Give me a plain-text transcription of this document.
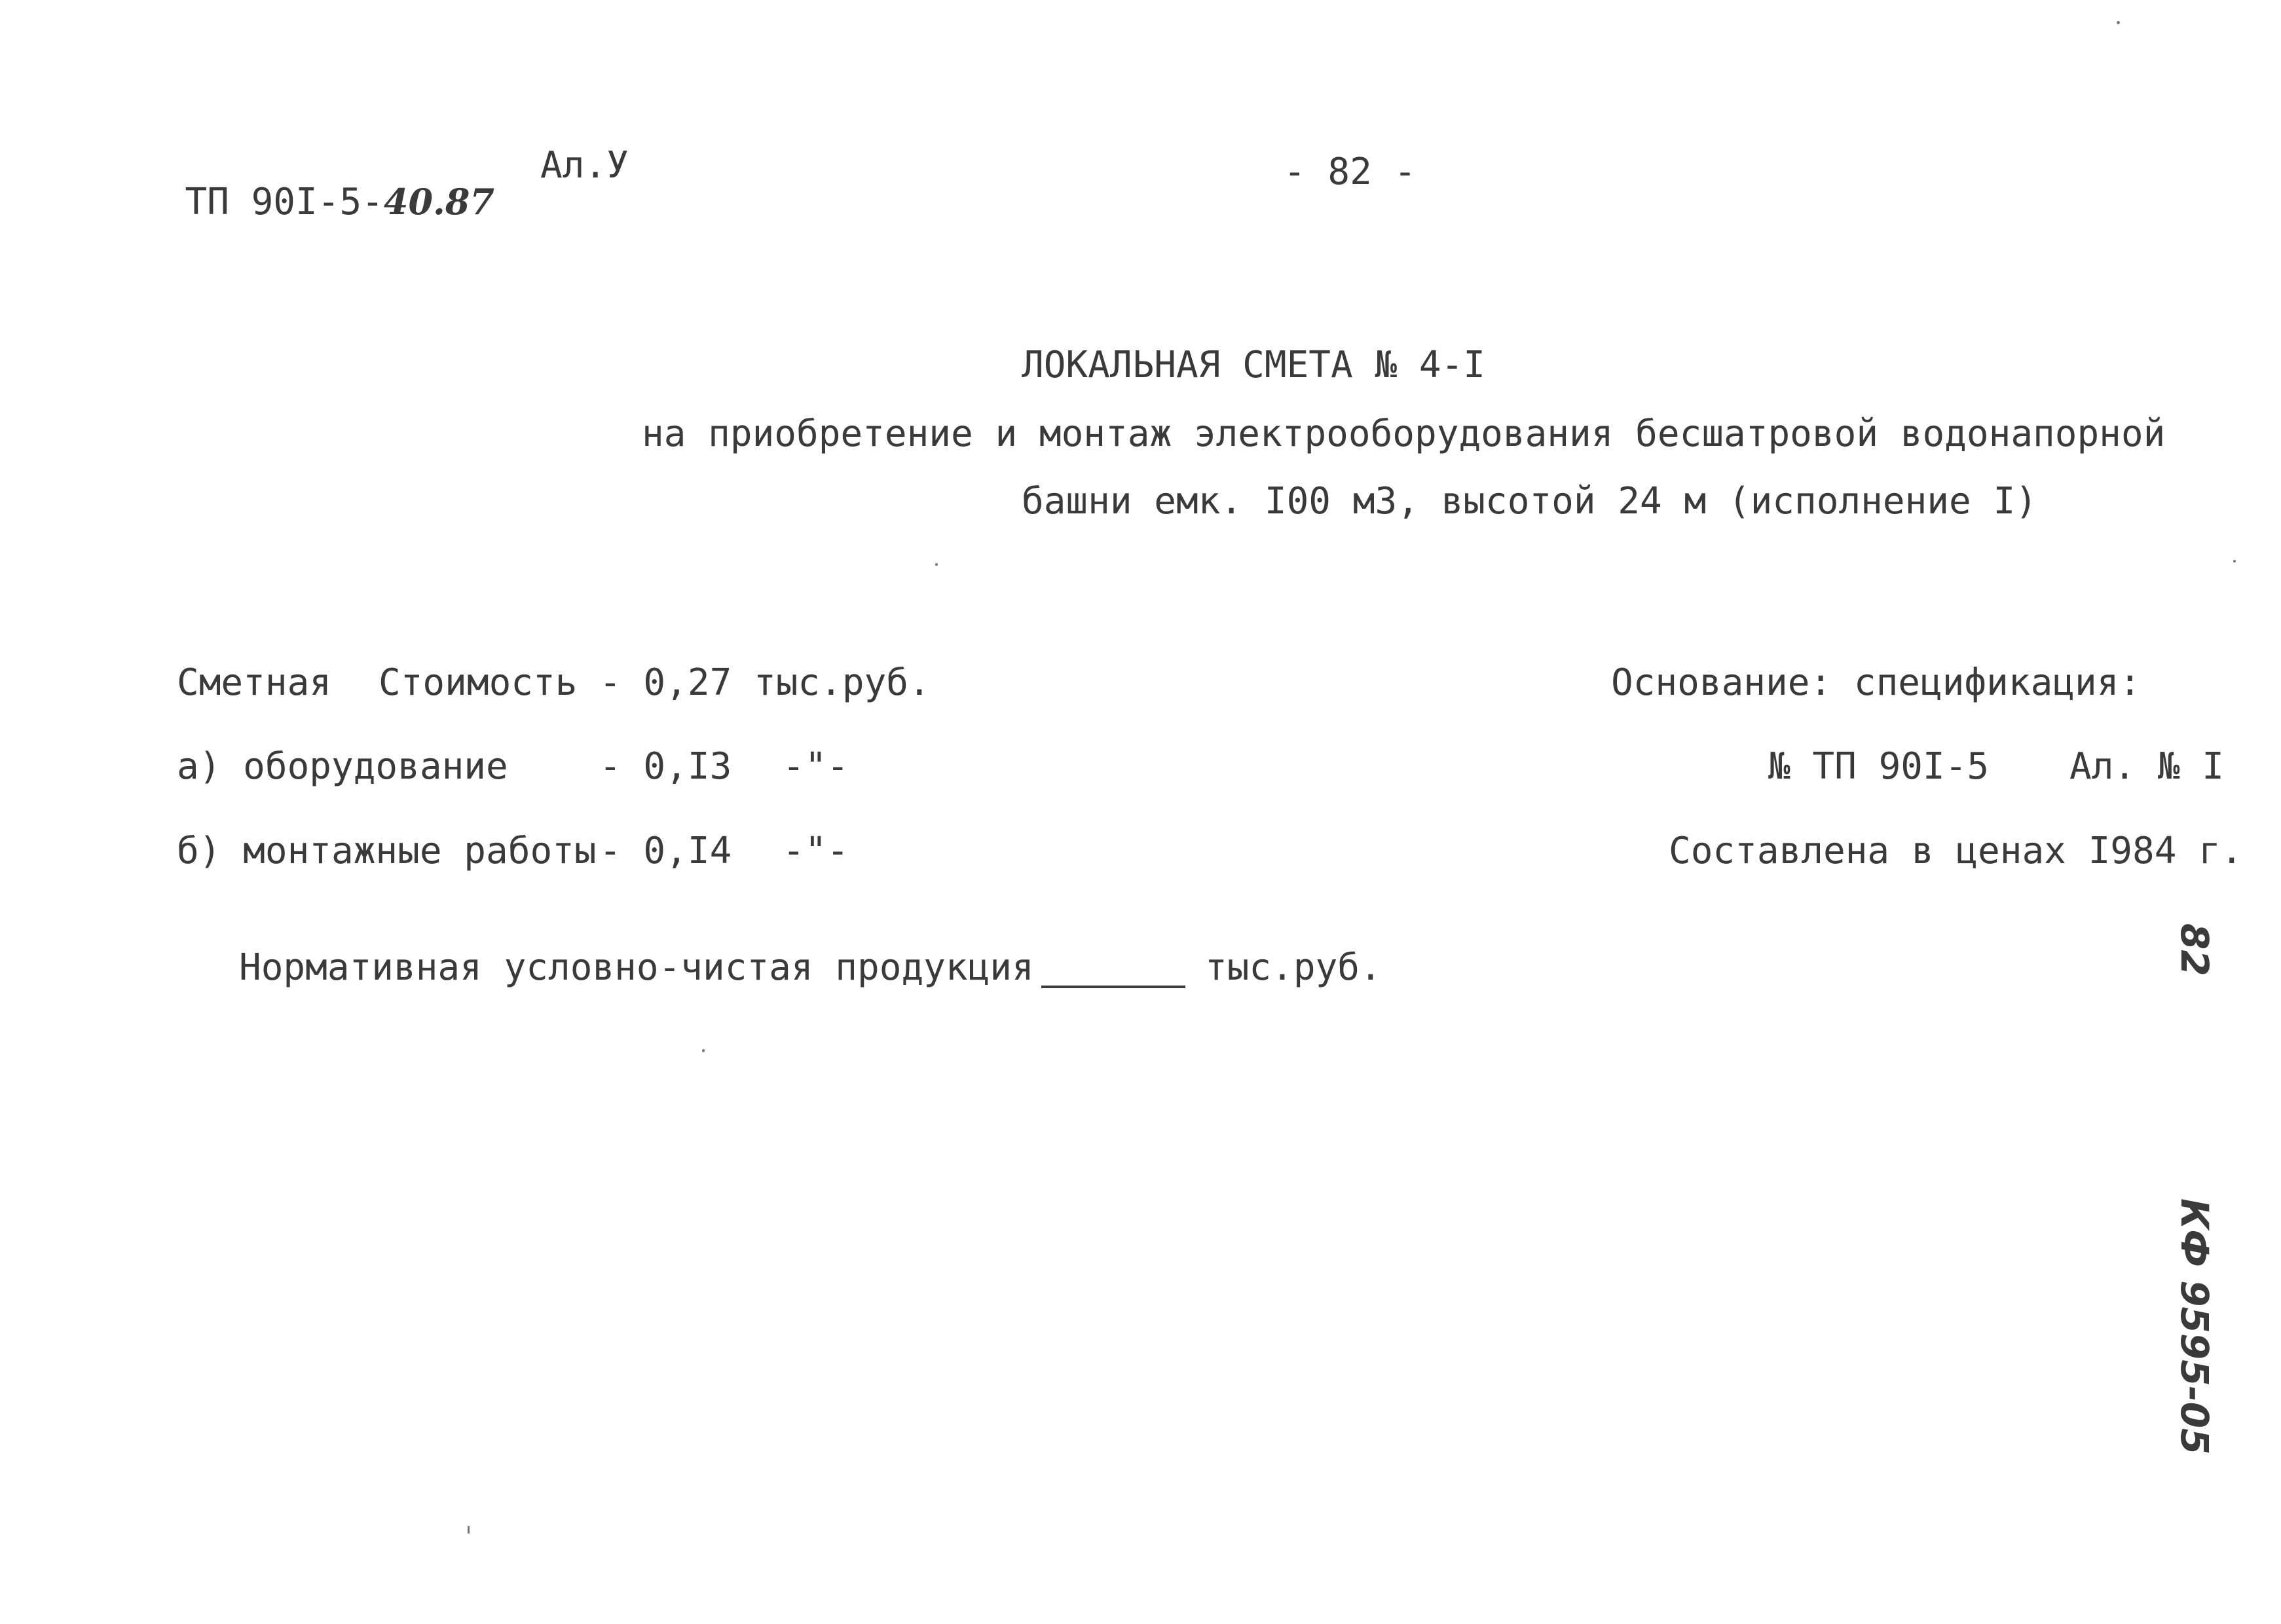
ТП 90I-5-40.87

Ал.У	- 82 -
ЛОКАЛЬНАЯ СМЕТА № 4-I
на приобретение и монтаж электрооборудования бесшатровой водонапорной
башни емк. I00 м3, высотой 24 м (исполнение I)
Сметная Стоимость - 0,27 тыс.руб.
а) оборудование - 0,I3 -"-
б) монтажные работы - 0,I4 -"-
Основание: спецификация:
№ ТП 90I-5 Ал. № I
Составлена в ценах I984 г.
Нормативная условно-чистая продукция	тыс.руб.	82
КФ 9595-05
